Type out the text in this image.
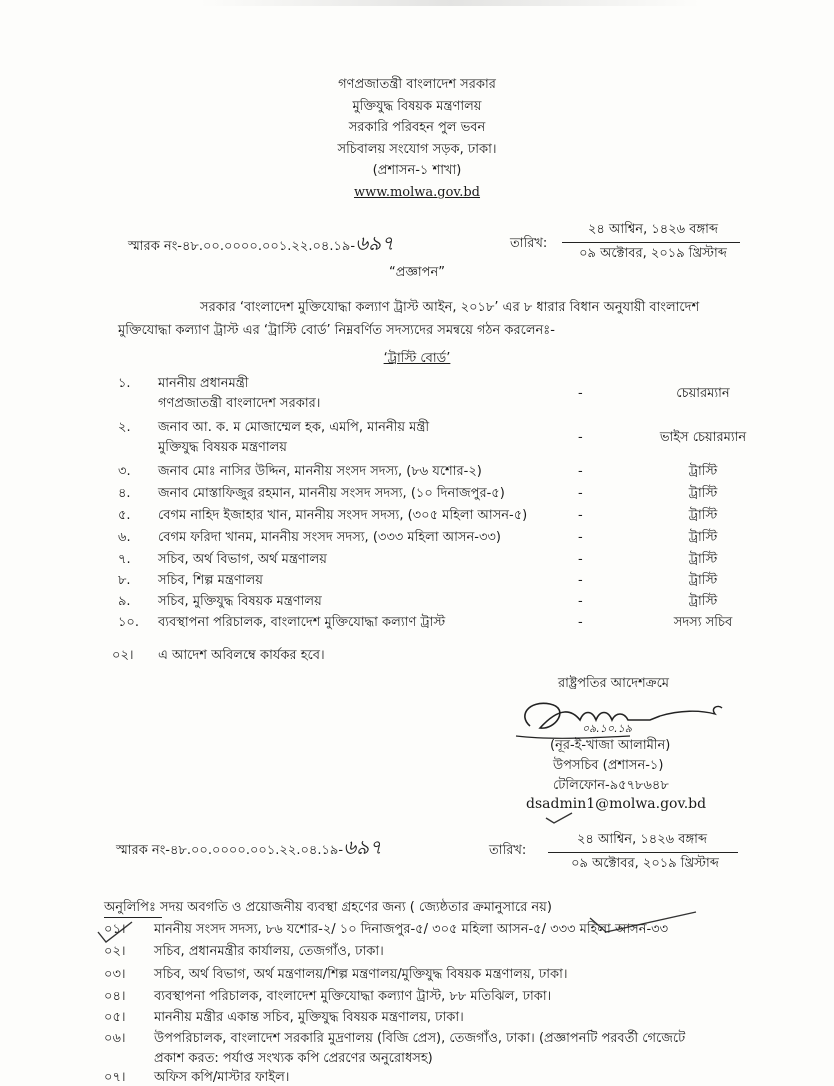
গণপ্রজাতন্ত্রী বাংলাদেশ সরকার
মুক্তিযুদ্ধ বিষয়ক মন্ত্রণালয়
সরকারি পরিবহন পুল ভবন
সচিবালয় সংযোগ সড়ক, ঢাকা।
(প্রশাসন-১ শাখা)
www.molwa.gov.bd
স্মারক নং-৪৮.০০.০০০০.০০১.২২.০৪.১৯-৬৯৭	তারিখ:
২৪ আশ্বিন, ১৪২৬ বঙ্গাব্দ
০৯ অক্টোবর, ২০১৯ খ্রিস্টাব্দ
“প্রজ্ঞাপন”
সরকার ‘বাংলাদেশ মুক্তিযোদ্ধা কল্যাণ ট্রাস্ট আইন, ২০১৮’ এর ৮ ধারার বিধান অনুযায়ী বাংলাদেশ
মুক্তিযোদ্ধা কল্যাণ ট্রাস্ট এর ‘ট্রাস্টি বোর্ড’ নিম্নবর্ণিত সদস্যদের সমন্বয়ে গঠন করলেনঃ-
‘ট্রাস্টি বোর্ড’
১. মাননীয় প্রধানমন্ত্রী
গণপ্রজাতন্ত্রী বাংলাদেশ সরকার।
-	চেয়ারম্যান
২. জনাব আ. ক. ম মোজাম্মেল হক, এমপি, মাননীয় মন্ত্রী
মুক্তিযুদ্ধ বিষয়ক মন্ত্রণালয়
-	ভাইস চেয়ারম্যান
৩. জনাব মোঃ নাসির উদ্দিন, মাননীয় সংসদ সদস্য, (৮৬ যশোর-২)	-	ট্রাস্টি
৪. জনাব মোস্তাফিজুর রহমান, মাননীয় সংসদ সদস্য, (১০ দিনাজপুর-৫)	-	ট্রাস্টি
৫. বেগম নাহিদ ইজাহার খান, মাননীয় সংসদ সদস্য, (৩০৫ মহিলা আসন-৫)	-	ট্রাস্টি
৬. বেগম ফরিদা খানম, মাননীয় সংসদ সদস্য, (৩৩৩ মহিলা আসন-৩৩)	-	ট্রাস্টি
৭. সচিব, অর্থ বিভাগ, অর্থ মন্ত্রণালয়	-	ট্রাস্টি
৮. সচিব, শিল্প মন্ত্রণালয়	-	ট্রাস্টি
৯. সচিব, মুক্তিযুদ্ধ বিষয়ক মন্ত্রণালয়	-	ট্রাস্টি
১০. ব্যবস্থাপনা পরিচালক, বাংলাদেশ মুক্তিযোদ্ধা কল্যাণ ট্রাস্ট	-	সদস্য সচিব
০২। এ আদেশ অবিলম্বে কার্যকর হবে।
রাষ্ট্রপতির আদেশক্রমে
০৯.১০.১৯
(নূর-ই-খাজা আলামীন)
উপসচিব (প্রশাসন-১)
টেলিফোন-৯৫৭৮৬৪৮
dsadmin1@molwa.gov.bd
স্মারক নং-৪৮.০০.০০০০.০০১.২২.০৪.১৯-৬৯৭	তারিখ:
২৪ আশ্বিন, ১৪২৬ বঙ্গাব্দ
০৯ অক্টোবর, ২০১৯ খ্রিস্টাব্দ
অনুলিপিঃ সদয় অবগতি ও প্রয়োজনীয় ব্যবস্থা গ্রহণের জন্য ( জ্যেষ্ঠতার ক্রমানুসারে নয়)
০১। মাননীয় সংসদ সদস্য, ৮৬ যশোর-২/ ১০ দিনাজপুর-৫/ ৩০৫ মহিলা আসন-৫/ ৩৩৩ মহিলা আসন-৩৩
০২। সচিব, প্রধানমন্ত্রীর কার্যালয়, তেজগাঁও, ঢাকা।
০৩। সচিব, অর্থ বিভাগ, অর্থ মন্ত্রণালয়/শিল্প মন্ত্রণালয়/মুক্তিযুদ্ধ বিষয়ক মন্ত্রণালয়, ঢাকা।
০৪। ব্যবস্থাপনা পরিচালক, বাংলাদেশ মুক্তিযোদ্ধা কল্যাণ ট্রাস্ট, ৮৮ মতিঝিল, ঢাকা।
০৫। মাননীয় মন্ত্রীর একান্ত সচিব, মুক্তিযুদ্ধ বিষয়ক মন্ত্রণালয়, ঢাকা।
০৬। উপপরিচালক, বাংলাদেশ সরকারি মুদ্রণালয় (বিজি প্রেস), তেজগাঁও, ঢাকা। (প্রজ্ঞাপনটি পরবর্তী গেজেটে
প্রকাশ করত: পর্যাপ্ত সংখ্যক কপি প্রেরণের অনুরোধসহ)
০৭। অফিস কপি/মাস্টার ফাইল।
